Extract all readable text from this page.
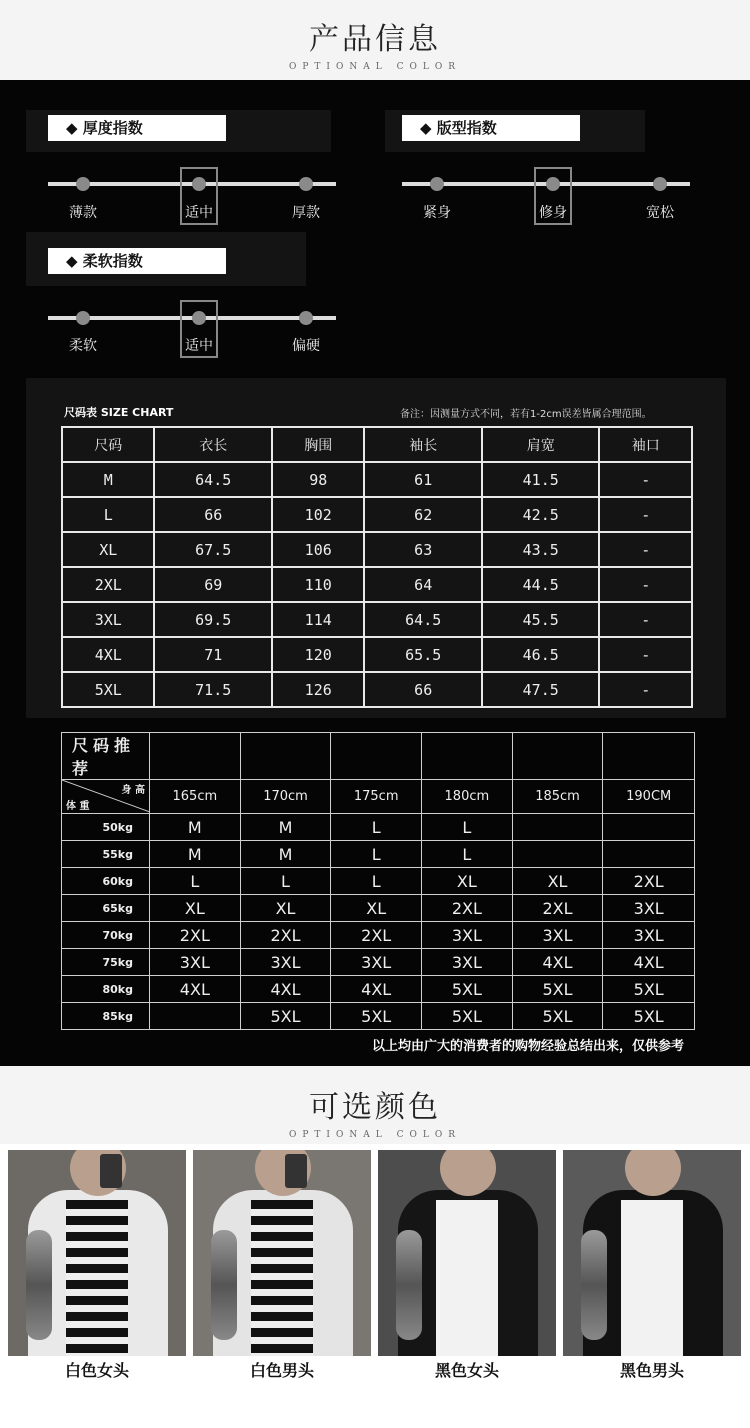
产品信息
OPTIONAL COLOR
◆ 厚度指数
薄款	适中	厚款
◆ 版型指数
紧身	修身	宽松
◆ 柔软指数
柔软	适中	偏硬
尺码表 SIZE CHART	备注：因测量方式不同，若有1-2cm误差皆属合理范围。
尺码	衣长	胸围	袖长	肩宽	袖口
M	64.5	98	61	41.5	-
L	66	102	62	42.5	-
XL	67.5	106	63	43.5	-
2XL	69	110	64	44.5	-
3XL	69.5	114	64.5	45.5	-
4XL	71	120	65.5	46.5	-
5XL	71.5	126	66	47.5	-
尺码推荐						

身 高
体 重	165cm	170cm	175cm	180cm	185cm	190CM
50kg	M	M	L	L		
55kg	M	M	L	L		
60kg	L	L	L	XL	XL	2XL
65kg	XL	XL	XL	2XL	2XL	3XL
70kg	2XL	2XL	2XL	3XL	3XL	3XL
75kg	3XL	3XL	3XL	3XL	4XL	4XL
80kg	4XL	4XL	4XL	5XL	5XL	5XL
85kg		5XL	5XL	5XL	5XL	5XL
以上均由广大的消费者的购物经验总结出来，仅供参考
可选颜色
OPTIONAL COLOR
白色女头	白色男头	黑色女头	黑色男头
